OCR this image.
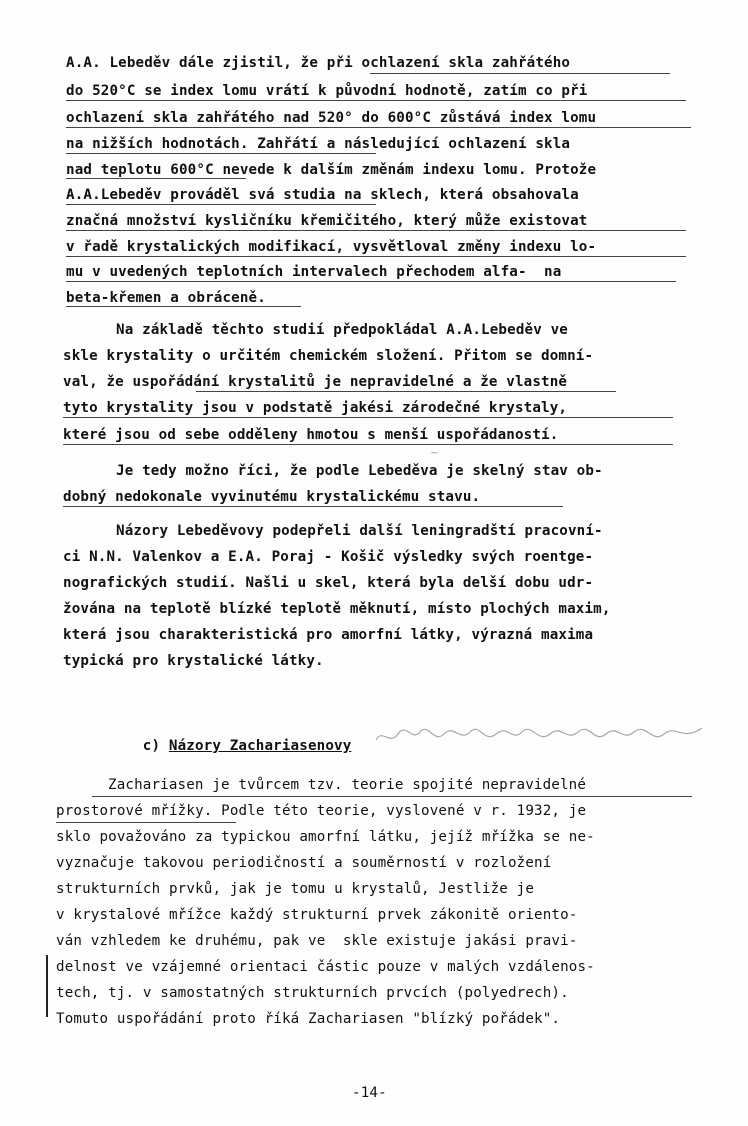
A.A. Lebeděv dále zjistil, že při ochlazení skla zahřátého
do 520°C se index lomu vrátí k původní hodnotě, zatím co při
ochlazení skla zahřátého nad 520° do 600°C zůstává index lomu
na nižších hodnotách. Zahřátí a následující ochlazení skla
nad teplotu 600°C nevede k dalším změnám indexu lomu. Protože
A.A.Lebeděv prováděl svá studia na sklech, která obsahovala
značná množství kysličníku křemičitého, který může existovat
v řadě krystalických modifikací, vysvětloval změny indexu lo-
mu v uvedených teplotních intervalech přechodem alfa-  na
beta-křemen a obráceně.
Na základě těchto studií předpokládal A.A.Lebeděv ve
skle krystality o určitém chemickém složení. Přitom se domní-
val, že uspořádání krystalitů je nepravidelné a že vlastně
tyto krystality jsou v podstatě jakési zárodečné krystaly,
které jsou od sebe odděleny hmotou s menší uspořádaností.
~
Je tedy možno říci, že podle Lebeděva je skelný stav ob-
dobný nedokonale vyvinutému krystalickému stavu.
Názory Lebeděvovy podepřeli další leningradští pracovní-
ci N.N. Valenkov a E.A. Poraj - Košič výsledky svých roentge-
nografických studií. Našli u skel, která byla delší dobu udr-
žována na teplotě blízké teplotě měknutí, místo plochých maxim,
která jsou charakteristická pro amorfní látky, výrazná maxima
typická pro krystalické látky.

c) Názory Zachariasenovy

Zachariasen je tvůrcem tzv. teorie spojité nepravidelné
prostorové mřížky. Podle této teorie, vyslovené v r. 1932, je
sklo považováno za typickou amorfní látku, jejíž mřížka se ne-
vyznačuje takovou periodičností a souměrností v rozložení
strukturních prvků, jak je tomu u krystalů, Jestliže je
v krystalové mřížce každý strukturní prvek zákonitě oriento-
ván vzhledem ke druhému, pak ve  skle existuje jakási pravi-
delnost ve vzájemné orientaci částic pouze v malých vzdálenos-
tech, tj. v samostatných strukturních prvcích (polyedrech).
Tomuto uspořádání proto říká Zachariasen "blízký pořádek".
-14-
